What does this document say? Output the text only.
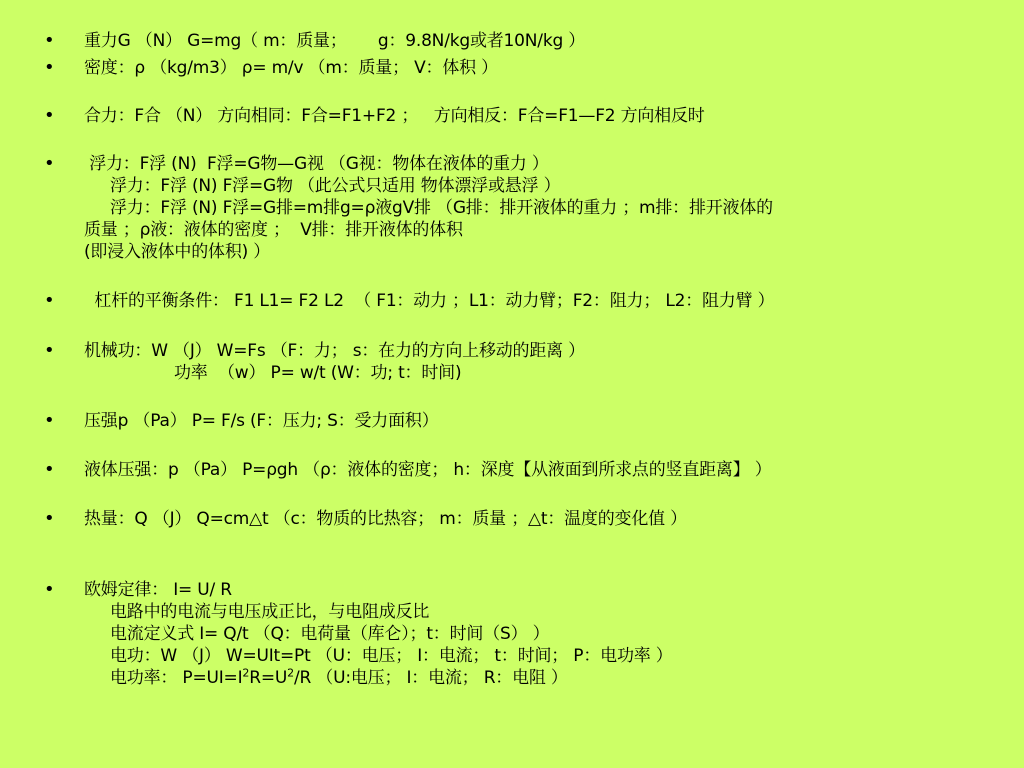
• 重力G （N） G=mg（ m：质量；      g：9.8N/kg或者10N/kg ）
• 密度：ρ （kg/m3） ρ= m/v （m：质量； V：体积 ）
• 合力：F合 （N） 方向相同：F合=F1+F2 ；   方向相反：F合=F1—F2 方向相反时
• 浮力：F浮 (N)  F浮=G物—G视 （G视：物体在液体的重力 ）
浮力：F浮 (N) F浮=G物 （此公式只适用 物体漂浮或悬浮 ）
浮力：F浮 (N) F浮=G排=m排g=ρ液gV排 （G排：排开液体的重力 ；m排：排开液体的
质量 ；ρ液：液体的密度 ；  V排：排开液体的体积
(即浸入液体中的体积) ）
• 杠杆的平衡条件： F1 L1= F2 L2  （ F1：动力 ；L1：动力臂；F2：阻力； L2：阻力臂 ）
• 机械功：W （J） W=Fs （F：力； s：在力的方向上移动的距离 ）
功率  （w） P= w/t (W：功; t：时间)
• 压强p （Pa） P= F/s (F：压力; S：受力面积）
• 液体压强：p （Pa） P=ρgh （ρ：液体的密度； h：深度【从液面到所求点的竖直距离】 ）
• 热量：Q （J） Q=cm△t （c：物质的比热容； m：质量 ；△t：温度的变化值 ）
• 欧姆定律： I= U/ R
电路中的电流与电压成正比，与电阻成反比
电流定义式 I= Q/t （Q：电荷量（库仑）；t：时间（S） ）
电功：W （J） W=UIt=Pt （U：电压； I：电流； t：时间； P：电功率 ）
电功率： $P=UI=I^2R=U^2/R$ （U:电压； I：电流； R：电阻 ）
